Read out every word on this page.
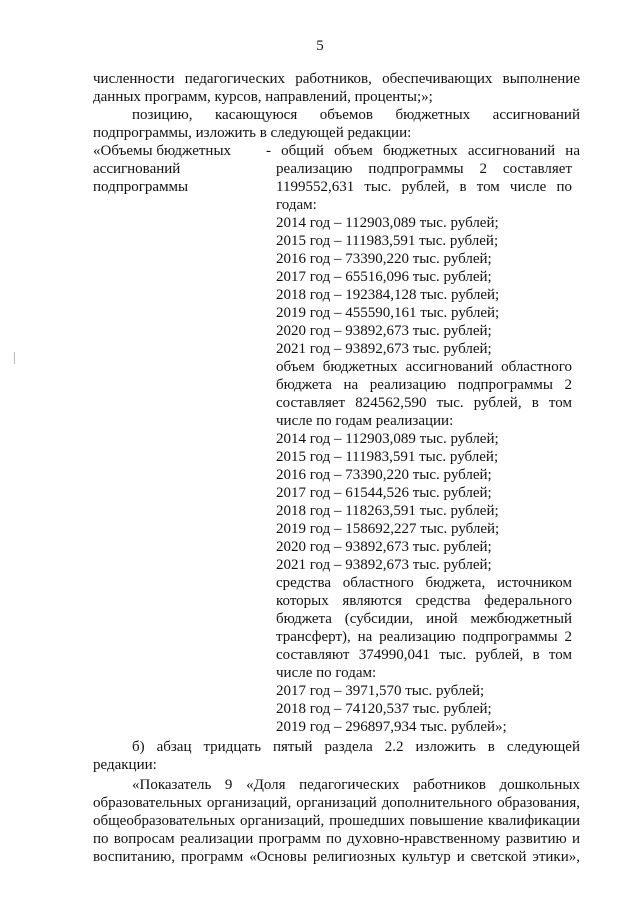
5
численности педагогических работников, обеспечивающих выполнение
данных программ, курсов, направлений, проценты;»;
позицию, касающуюся объемов бюджетных ассигнований
подпрограммы, изложить в следующей редакции:
«Объемы бюджетных
ассигнований
подпрограммы
- общий объем бюджетных ассигнований на
реализацию подпрограммы 2 составляет
1199552,631 тыс. рублей, в том числе по
годам:
2014 год – 112903,089 тыс. рублей;
2015 год – 111983,591 тыс. рублей;
2016 год – 73390,220 тыс. рублей;
2017 год – 65516,096 тыс. рублей;
2018 год – 192384,128 тыс. рублей;
2019 год – 455590,161 тыс. рублей;
2020 год – 93892,673 тыс. рублей;
2021 год – 93892,673 тыс. рублей;
объем бюджетных ассигнований областного
бюджета на реализацию подпрограммы 2
составляет 824562,590 тыс. рублей, в том
числе по годам реализации:
2014 год – 112903,089 тыс. рублей;
2015 год – 111983,591 тыс. рублей;
2016 год – 73390,220 тыс. рублей;
2017 год – 61544,526 тыс. рублей;
2018 год – 118263,591 тыс. рублей;
2019 год – 158692,227 тыс. рублей;
2020 год – 93892,673 тыс. рублей;
2021 год – 93892,673 тыс. рублей;
средства областного бюджета, источником
которых являются средства федерального
бюджета (субсидии, иной межбюджетный
трансферт), на реализацию подпрограммы 2
составляют 374990,041 тыс. рублей, в том
числе по годам:
2017 год – 3971,570 тыс. рублей;
2018 год – 74120,537 тыс. рублей;
2019 год – 296897,934 тыс. рублей»;
б) абзац тридцать пятый раздела 2.2 изложить в следующей
редакции:
«Показатель 9 «Доля педагогических работников дошкольных
образовательных организаций, организаций дополнительного образования,
общеобразовательных организаций, прошедших повышение квалификации
по вопросам реализации программ по духовно-нравственному развитию и
воспитанию, программ «Основы религиозных культур и светской этики»,
